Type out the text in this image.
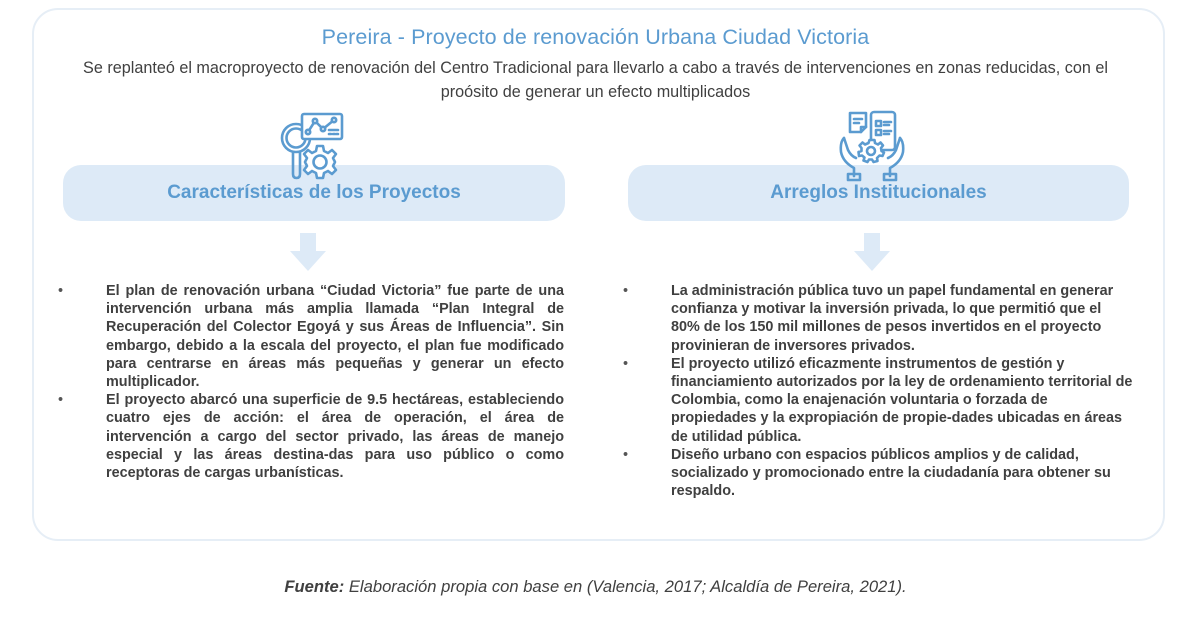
Pereira - Proyecto de renovación Urbana Ciudad Victoria
Se replanteó el macroproyecto de renovación del Centro Tradicional para llevarlo a cabo a través de intervenciones en zonas reducidas, con el proósito de generar un efecto multiplicados
Características de los Proyectos
•	El plan de renovación urbana “Ciudad Victoria” fue parte de una intervención urbana más amplia llamada “Plan Integral de Recuperación del Colector Egoyá y sus Áreas de Influencia”. Sin embargo, debido a la escala del proyecto, el plan fue modificado para centrarse en áreas más pequeñas y generar un efecto multiplicador.
•	El proyecto abarcó una superficie de 9.5 hectáreas, estableciendo cuatro ejes de acción: el área de operación, el área de intervención a cargo del sector privado, las áreas de manejo especial y las áreas destina-das para uso público o como receptoras de cargas urbanísticas.
Arreglos Institucionales
•	La administración pública tuvo un papel fundamental en generar confianza y motivar la inversión privada, lo que permitió que el 80% de los 150 mil millones de pesos invertidos en el proyecto provinieran de inversores privados.
•	El proyecto utilizó eficazmente instrumentos de gestión y financiamiento autorizados por la ley de ordenamiento territorial de Colombia, como la enajenación voluntaria o forzada de propiedades y la expropiación de propie-dades ubicadas en áreas de utilidad pública.
•	Diseño urbano con espacios públicos amplios y de calidad, socializado y promocionado entre la ciudadanía para obtener su respaldo.
Fuente: Elaboración propia con base en (Valencia, 2017; Alcaldía de Pereira, 2021).
